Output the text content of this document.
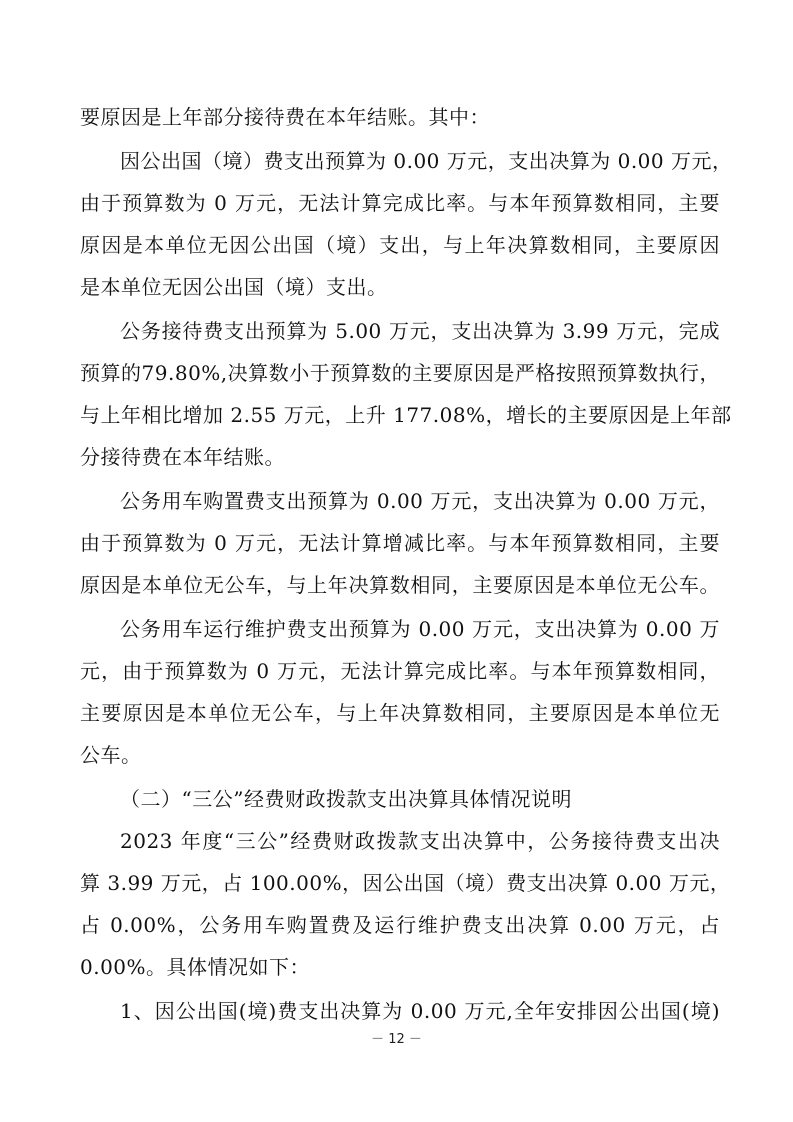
要原因是上年部分接待费在本年结账。其中：
因公出国（境）费支出预算为 0.00 万元，支出决算为 0.00 万元，
由于预算数为 0 万元，无法计算完成比率。与本年预算数相同，主要
原因是本单位无因公出国（境）支出，与上年决算数相同，主要原因
是本单位无因公出国（境）支出。
公务接待费支出预算为 5.00 万元，支出决算为 3.99 万元，完成
预算的79.80%,决算数小于预算数的主要原因是严格按照预算数执行，
与上年相比增加 2.55 万元，上升 177.08%，增长的主要原因是上年部
分接待费在本年结账。
公务用车购置费支出预算为 0.00 万元，支出决算为 0.00 万元，
由于预算数为 0 万元，无法计算增减比率。与本年预算数相同，主要
原因是本单位无公车，与上年决算数相同，主要原因是本单位无公车。
公务用车运行维护费支出预算为 0.00 万元，支出决算为 0.00 万
元，由于预算数为 0 万元，无法计算完成比率。与本年预算数相同，
主要原因是本单位无公车，与上年决算数相同，主要原因是本单位无
公车。
（二）“三公”经费财政拨款支出决算具体情况说明
2023 年度“三公”经费财政拨款支出决算中，公务接待费支出决
算 3.99 万元，占 100.00%，因公出国（境）费支出决算 0.00 万元，
占 0.00%，公务用车购置费及运行维护费支出决算 0.00 万元，占
0.00%。具体情况如下：
1、因公出国(境)费支出决算为 0.00 万元,全年安排因公出国(境)
－ 12 －
